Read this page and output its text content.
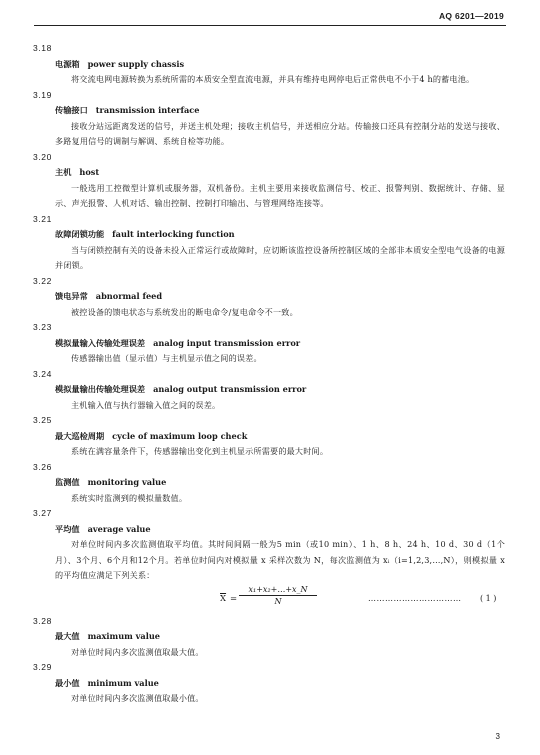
AQ 6201—2019
3.18
电源箱 power supply chassis
将交流电网电源转换为系统所需的本质安全型直流电源，并具有维持电网停电后正常供电不小于4 h的蓄电池。
3.19
传输接口 transmission interface
接收分站远距离发送的信号，并送主机处理；接收主机信号，并送相应分站。传输接口还具有控制分站的发送与接收、多路复用信号的调制与解调、系统自检等功能。
3.20
主机 host
一般选用工控微型计算机或服务器，双机备份。主机主要用来接收监测信号、校正、报警判别、数据统计、存储、显示、声光报警、人机对话、输出控制、控制打印输出、与管理网络连接等。
3.21
故障闭锁功能 fault interlocking function
当与闭锁控制有关的设备未投入正常运行或故障时，应切断该监控设备所控制区域的全部非本质安全型电气设备的电源并闭锁。
3.22
馈电异常 abnormal feed
被控设备的馈电状态与系统发出的断电命令/复电命令不一致。
3.23
模拟量输入传输处理误差 analog input transmission error
传感器输出值（显示值）与主机显示值之间的误差。
3.24
模拟量输出传输处理误差 analog output transmission error
主机输入值与执行器输入值之间的误差。
3.25
最大巡检周期 cycle of maximum loop check
系统在满容量条件下，传感器输出变化到主机显示所需要的最大时间。
3.26
监测值 monitoring value
系统实时监测到的模拟量数值。
3.27
平均值 average value
对单位时间内多次监测值取平均值。其时间间隔一般为5 min（或10 min）、1 h、8 h、24 h、10 d、30 d（1个月）、3个月、6个月和12个月。若单位时间内对模拟量 x 采样次数为 N，每次监测值为 xᵢ（i=1,2,3,…,N），则模拟量 x 的平均值应满足下列关系：
$\overline{X} = \frac{\text{x₁+x₂+…+x\_N}}{N}$	…………………………… ( 1 )
3.28
最大值 maximum value
对单位时间内多次监测值取最大值。
3.29
最小值 minimum value
对单位时间内多次监测值取最小值。
3
